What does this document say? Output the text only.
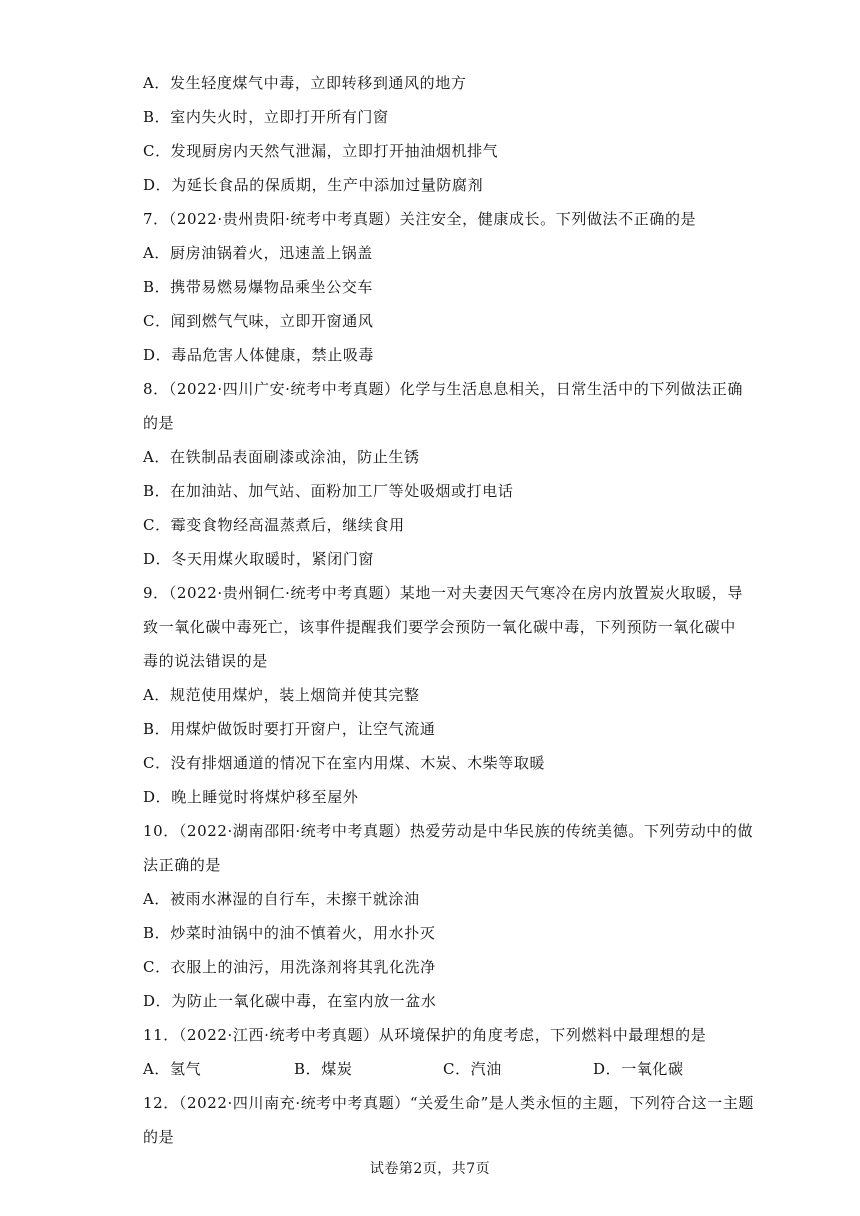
A．发生轻度煤气中毒，立即转移到通风的地方
B．室内失火时，立即打开所有门窗
C．发现厨房内天然气泄漏，立即打开抽油烟机排气
D．为延长食品的保质期，生产中添加过量防腐剂
7．（2022·贵州贵阳·统考中考真题）关注安全，健康成长。下列做法不正确的是
A．厨房油锅着火，迅速盖上锅盖
B．携带易燃易爆物品乘坐公交车
C．闻到燃气气味，立即开窗通风
D．毒品危害人体健康，禁止吸毒
8．（2022·四川广安·统考中考真题）化学与生活息息相关，日常生活中的下列做法正确
的是
A．在铁制品表面刷漆或涂油，防止生锈
B．在加油站、加气站、面粉加工厂等处吸烟或打电话
C．霉变食物经高温蒸煮后，继续食用
D．冬天用煤火取暖时，紧闭门窗
9．（2022·贵州铜仁·统考中考真题）某地一对夫妻因天气寒冷在房内放置炭火取暖，导
致一氧化碳中毒死亡，该事件提醒我们要学会预防一氧化碳中毒，下列预防一氧化碳中
毒的说法错误的是
A．规范使用煤炉，装上烟筒并使其完整
B．用煤炉做饭时要打开窗户，让空气流通
C．没有排烟通道的情况下在室内用煤、木炭、木柴等取暖
D．晚上睡觉时将煤炉移至屋外
10．（2022·湖南邵阳·统考中考真题）热爱劳动是中华民族的传统美德。下列劳动中的做
法正确的是
A．被雨水淋湿的自行车，未擦干就涂油
B．炒菜时油锅中的油不慎着火，用水扑灭
C．衣服上的油污，用洗涤剂将其乳化洗净
D．为防止一氧化碳中毒，在室内放一盆水
11．（2022·江西·统考中考真题）从环境保护的角度考虑，下列燃料中最理想的是
A．氢气	B．煤炭	C．汽油	D．一氧化碳
12．（2022·四川南充·统考中考真题）“关爱生命”是人类永恒的主题，下列符合这一主题
的是
试卷第2页，共7页
